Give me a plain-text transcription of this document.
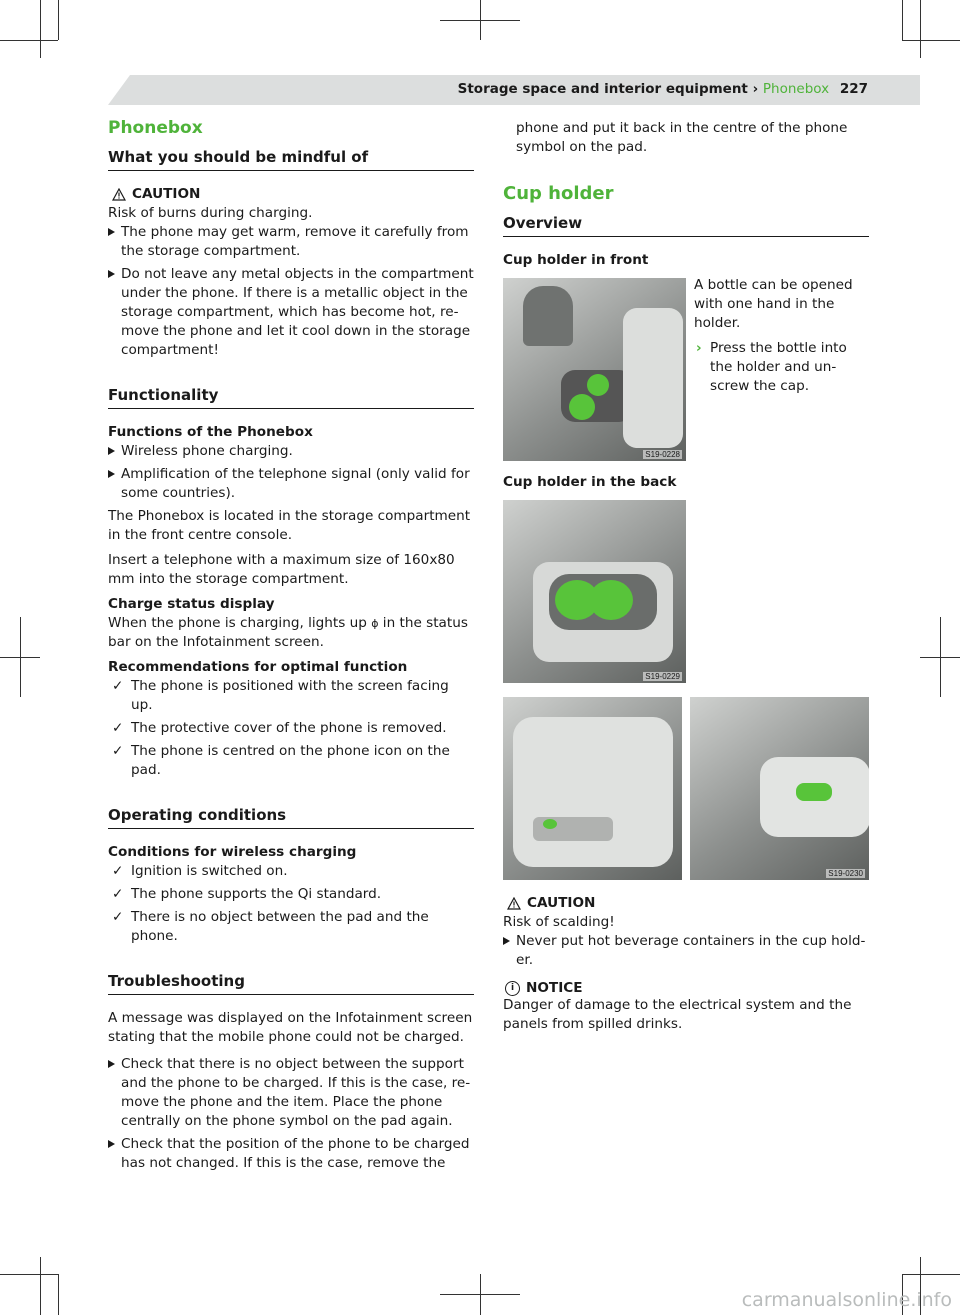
Storage space and interior equipment › Phonebox 227
Phonebox
What you should be mindful of
CAUTION
Risk of burns during charging.
The phone may get warm, remove it carefully from the storage compartment.
Do not leave any metal objects in the compartment under the phone. If there is a metallic object in the storage compartment, which has become hot, re-move the phone and let it cool down in the storage compartment!
Functionality

Functions of the Phonebox

Wireless phone charging.
Amplification of the telephone signal (only valid for some countries).

The Phonebox is located in the storage compartment in the front centre console.

Insert a telephone with a maximum size of 160x80 mm into the storage compartment.

Charge status display

When the phone is charging, lights up ϕ in the status bar on the Infotainment screen.

Recommendations for optimal function

✓ The phone is positioned with the screen facing up.
✓ The protective cover of the phone is removed.
✓ The phone is centred on the phone icon on the pad.
Operating conditions

Conditions for wireless charging

✓ Ignition is switched on.
✓ The phone supports the Qi standard.
✓ There is no object between the pad and the phone.
Troubleshooting

A message was displayed on the Infotainment screen stating that the mobile phone could not be charged.

Check that there is no object between the support and the phone to be charged. If this is the case, re-move the phone and the item. Place the phone centrally on the phone symbol on the pad again.
Check that the position of the phone to be charged has not changed. If this is the case, remove the

phone and put it back in the centre of the phone symbol on the pad.

Cup holder
Overview

Cup holder in front

S19-0228

A bottle can be opened with one hand in the holder.

› Press the bottle into the holder and un-screw the cap.

Cup holder in the back

S19-0229
S19-0230
CAUTION
Risk of scalding!
Never put hot beverage containers in the cup hold-er.
i NOTICE

Danger of damage to the electrical system and the panels from spilled drinks.

carmanualsonline.info
